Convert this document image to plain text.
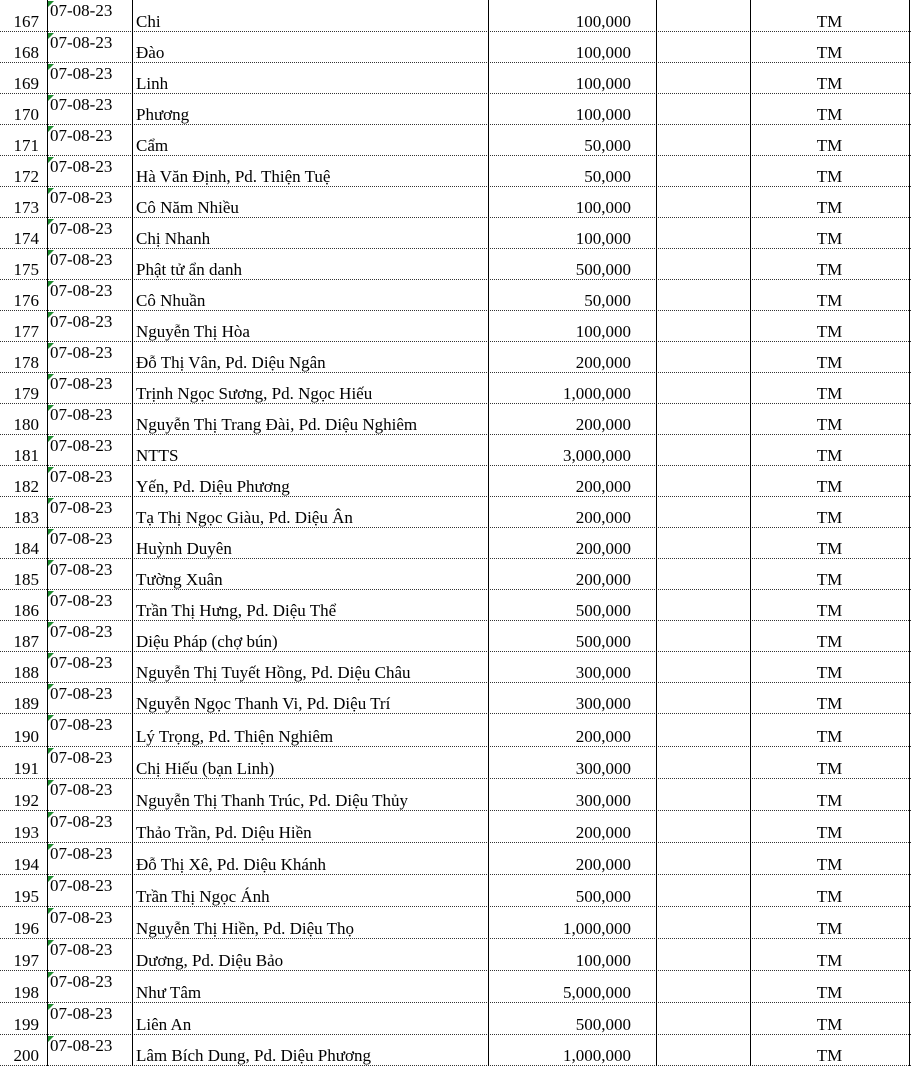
167
07-08-23
Chi	100,000	TM
168
07-08-23
Đào	100,000	TM
169
07-08-23
Linh	100,000	TM
170
07-08-23
Phương	100,000	TM
171
07-08-23
Cẩm	50,000	TM
172
07-08-23
Hà Văn Định, Pd. Thiện Tuệ	50,000	TM
173
07-08-23
Cô Năm Nhiều	100,000	TM
174
07-08-23
Chị Nhanh	100,000	TM
175
07-08-23
Phật tử ẩn danh	500,000	TM
176
07-08-23
Cô Nhuần	50,000	TM
177
07-08-23
Nguyễn Thị Hòa	100,000	TM
178
07-08-23
Đỗ Thị Vân, Pd. Diệu Ngân	200,000	TM
179
07-08-23
Trịnh Ngọc Sương, Pd. Ngọc Hiếu	1,000,000	TM
180
07-08-23
Nguyễn Thị Trang Đài, Pd. Diệu Nghiêm	200,000	TM
181
07-08-23
NTTS	3,000,000	TM
182
07-08-23
Yến, Pd. Diệu Phương	200,000	TM
183
07-08-23
Tạ Thị Ngọc Giàu, Pd. Diệu Ân	200,000	TM
184
07-08-23
Huỳnh Duyên	200,000	TM
185
07-08-23
Tường Xuân	200,000	TM
186
07-08-23
Trần Thị Hưng, Pd. Diệu Thể	500,000	TM
187
07-08-23
Diệu Pháp (chợ bún)	500,000	TM
188
07-08-23
Nguyễn Thị Tuyết Hồng, Pd. Diệu Châu	300,000	TM
189
07-08-23
Nguyễn Ngọc Thanh Vi, Pd. Diệu Trí	300,000	TM
190
07-08-23
Lý Trọng, Pd. Thiện Nghiêm	200,000	TM
191
07-08-23
Chị Hiếu (bạn Linh)	300,000	TM
192
07-08-23
Nguyễn Thị Thanh Trúc, Pd. Diệu Thủy	300,000	TM
193
07-08-23
Thảo Trần, Pd. Diệu Hiền	200,000	TM
194
07-08-23
Đỗ Thị Xê, Pd. Diệu Khánh	200,000	TM
195
07-08-23
Trần Thị Ngọc Ánh	500,000	TM
196
07-08-23
Nguyễn Thị Hiền, Pd. Diệu Thọ	1,000,000	TM
197
07-08-23
Dương, Pd. Diệu Bảo	100,000	TM
198
07-08-23
Như Tâm	5,000,000	TM
199
07-08-23
Liên An	500,000	TM
200
07-08-23
Lâm Bích Dung, Pd. Diệu Phương	1,000,000	TM
